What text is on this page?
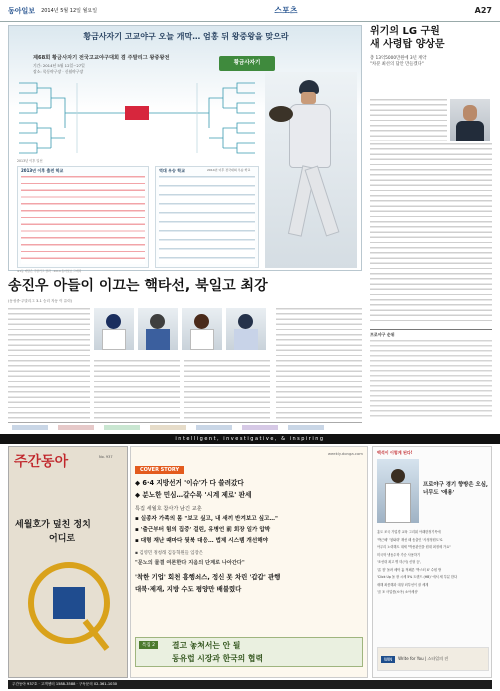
동아일보 2014년 5월 12일 월요일	스포츠	A27
황금사자기 고교야구 오늘 개막… 엄홍 뒤 왕중왕을 맞으라
제68회 황금사자기 전국고교야구대회 겸 주말리그 왕중왕전
기간: 2014년 5월 12일~27일
장소: 목동야구장 · 신월야구장
황금사자기
2013년 이후 일선
2013년 이후 출전 학교	역대 우승 학교	2014년 이후 전국대회 우승 학교
※1등 메달은 주말리그 결과 · 2014 동아일보 그래픽
위기의 LG 구원
새 사령탑 양상문
총 13억5000만원에 3년 계약
"차분 최선의 답안 만들겠다"
프로야구 순위
송진우 아들이 이끄는 핵타선, 북일고 최강
(동성중·주말리그 3-1 승리 자동 이 유력)
intelligent, investigative, & inspiring
주간동아	No. 937
세월호가 덮친 정치
어디로
weekly.donga.com
COVER STORY
◆ 6·4 지방선거 '이슈'가 다 쓸려갔다
◆ 분노한 민심…갈수록 '시계 제로' 판세
특집 세월호 참사가 남긴 교훈
▪ 실종자 가족의 몸 "보고 싶고, 내 새끼 반겨보고 싶고…"
▪ '출근부터 험의 집중' 걸린, 유병언 前 회장 일가 압박
▪ 대형 재난 때마다 뒷북 대응… 법제 시스템 개선해야
▪ 김영민 정청래 김동혁원들 입장은
"문노의 물결 여론한다 지음의 단계로 나아간다"
'착한 기업' 회천 흥행쇠스, 정신 못 차린 '갑갑' 관행
대북·제재, 지방 수도 평양만 배불렸다
특집 2	결고 놓쳐서는 안 될
동유럽 시장과 한국의 협력
백석이 이렇게 된다!
프로야구 경기 향방은 오심, 너무도 '애용'
흥도 조국 가업경 교육 그리워 아래한정기목에
'박근혜' '청와대' 재선 때 송출인 '사정정원도'로
아무리 노력해도 대세 "박용관인을 원대 최정세 가요"
미국학 냉동수학 가순 사용하기
'조선대 최고 병 미(이) 신형 등',
'롬 점' 돌려 메탁 흉 적폐론 '박스터 X' 수원 방
'Click Up 돌 장 시세 5% 트렌드 (HB)' 에서 세 부분 한다
새해 최종해과 대칭 외부선이 잘 세계
'꿈 포 사업종(소아) 소아세상'
WIN	Write for You | 스타일의 진
주간동아 937호 · 고객센터 1588-3588 · 구독문의 02-361-1030
